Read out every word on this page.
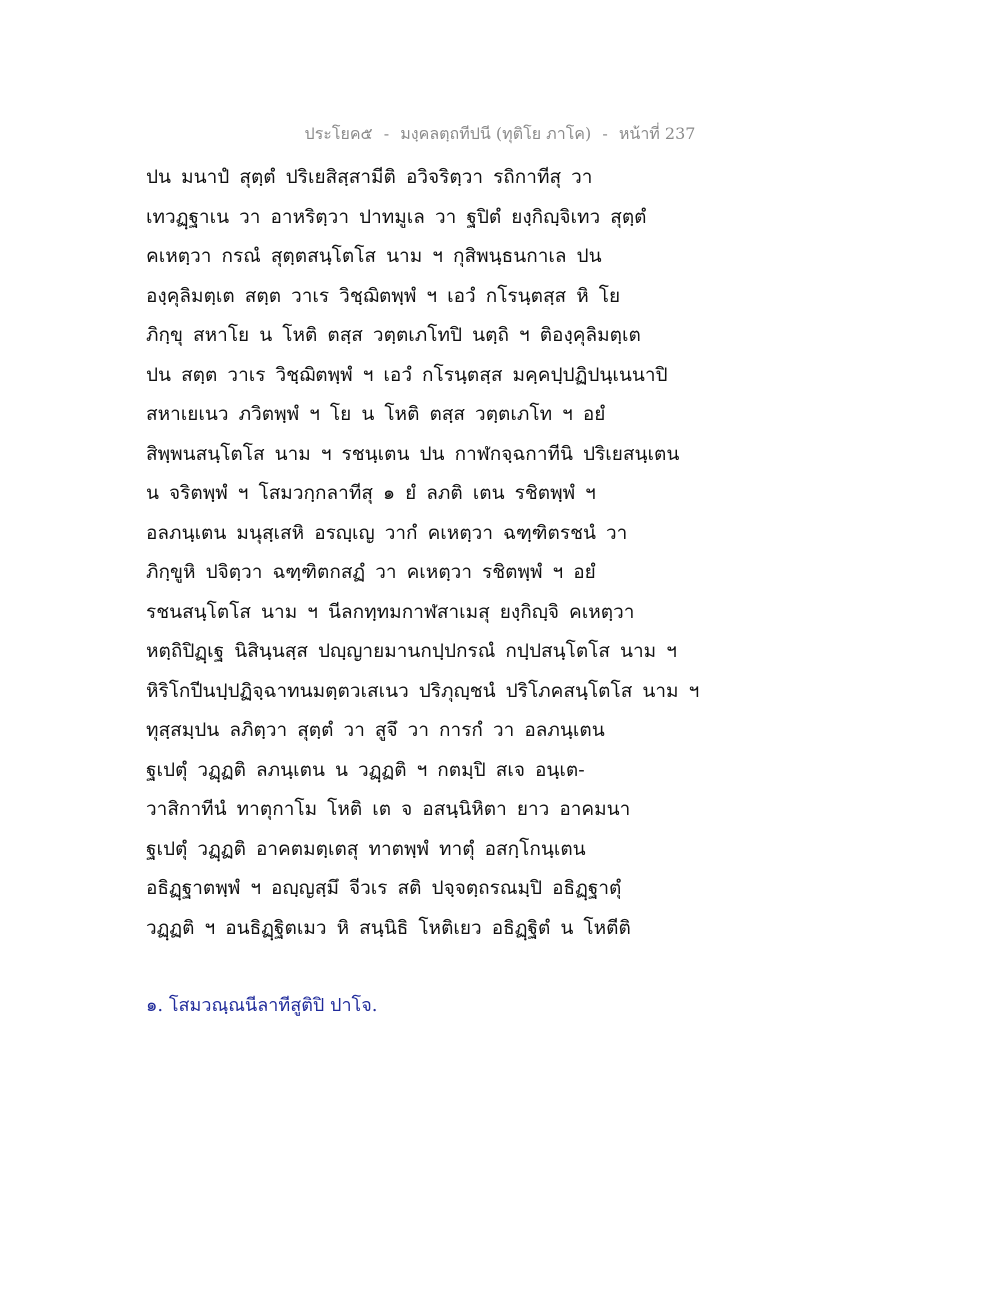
ประโยค๕ - มงฺคลตฺถทีปนี (ทุติโย ภาโค) - หน้าที่ 237
ปน มนาปํ สุตฺตํ ปริเยสิสฺสามีติ อวิจริตฺวา รถิกาทีสุ วา
เทวฏฺฐาเน วา อาหริตฺวา ปาทมูเล วา ฐปิตํ ยงฺกิญฺจิเทว สุตฺตํ
คเหตฺวา กรณํ สุตฺตสนฺโตโส นาม ฯ กุสิพนฺธนกาเล ปน
องฺคุลิมตฺเต สตฺต วาเร วิชฺฌิตพฺพํ ฯ เอวํ กโรนฺตสฺส หิ โย
ภิกฺขุ สหาโย น โหติ ตสฺส วตฺตเภโทปิ นตฺถิ ฯ ติองฺคุลิมตฺเต
ปน สตฺต วาเร วิชฺฌิตพฺพํ ฯ เอวํ กโรนฺตสฺส มคฺคปฺปฏิปนฺเนนาปิ
สหาเยเนว ภวิตพฺพํ ฯ โย น โหติ ตสฺส วตฺตเภโท ฯ อยํ
สิพฺพนสนฺโตโส นาม ฯ รชนฺเตน ปน กาฬกจฺฉกาทีนิ ปริเยสนฺเตน
น จริตพฺพํ ฯ โสมวกฺกลาทีสุ ๑ ยํ ลภติ เตน รชิตพฺพํ ฯ
อลภนฺเตน มนุสฺเสหิ อรญฺเญ วากํ คเหตฺวา ฉฑฺฑิตรชนํ วา
ภิกฺขูหิ ปจิตฺวา ฉฑฺฑิตกสฏํ วา คเหตฺวา รชิตพฺพํ ฯ อยํ
รชนสนฺโตโส นาม ฯ นีลกทฺทมกาฬสาเมสุ ยงฺกิญฺจิ คเหตฺวา
หตฺถิปิฏฺเฐ นิสินฺนสฺส ปญฺญายมานกปฺปกรณํ กปฺปสนฺโตโส นาม ฯ
หิริโกปีนปฺปฏิจฺฉาทนมตฺตวเสเนว ปริภุญฺชนํ ปริโภคสนฺโตโส นาม ฯ
ทุสฺสมฺปน ลภิตฺวา สุตฺตํ วา สูจึ วา การกํ วา อลภนฺเตน
ฐเปตุํ วฏฺฏติ ลภนฺเตน น วฏฺฏติ ฯ กตมฺปิ สเจ อนฺเต-
วาสิกาทีนํ ทาตุกาโม โหติ เต จ อสนฺนิหิตา ยาว อาคมนา
ฐเปตุํ วฏฺฏติ อาคตมตฺเตสุ ทาตพฺพํ ทาตุํ อสกฺโกนฺเตน
อธิฏฺฐาตพฺพํ ฯ อญฺญสฺมึ จีวเร สติ ปจฺจตฺถรณมฺปิ อธิฏฺฐาตุํ
วฏฺฏติ ฯ อนธิฏฺฐิตเมว หิ สนฺนิธิ โหติเยว อธิฏฺฐิตํ น โหตีติ
๑. โสมวณฺณนีลาทีสูติปิ ปาโจ.
